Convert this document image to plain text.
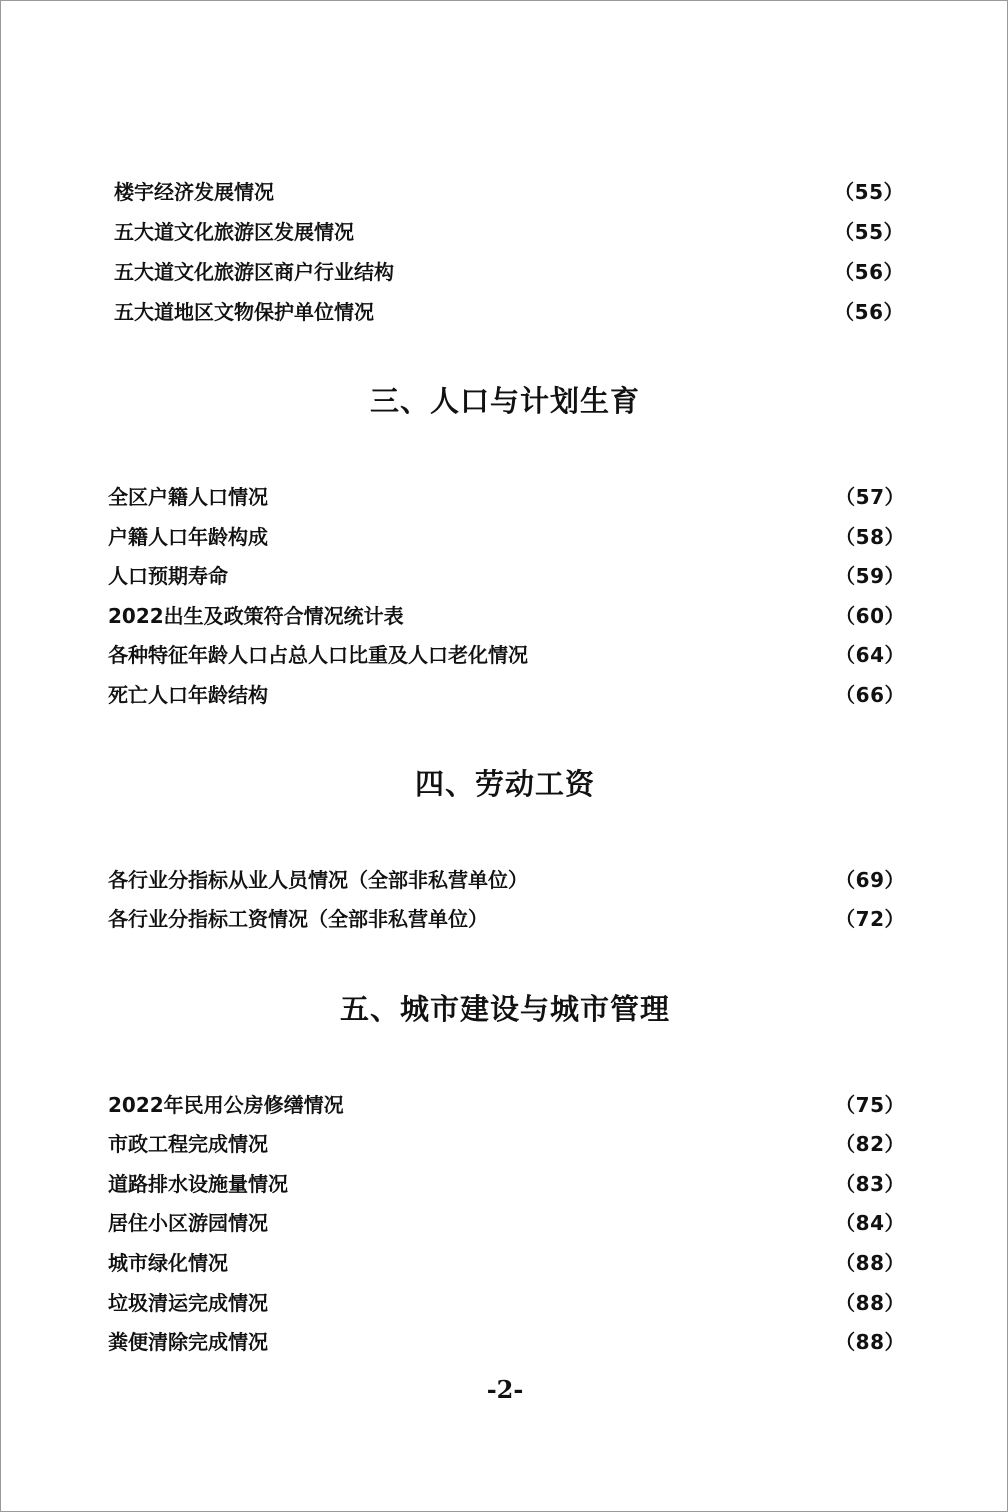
楼宇经济发展情况	（55）
五大道文化旅游区发展情况	（55）
五大道文化旅游区商户行业结构	（56）
五大道地区文物保护单位情况	（56）
三、人口与计划生育
全区户籍人口情况	（57）
户籍人口年龄构成	（58）
人口预期寿命	（59）
2022出生及政策符合情况统计表	（60）
各种特征年龄人口占总人口比重及人口老化情况	（64）
死亡人口年龄结构	（66）
四、劳动工资
各行业分指标从业人员情况（全部非私营单位）	（69）
各行业分指标工资情况（全部非私营单位）	（72）
五、城市建设与城市管理
2022年民用公房修缮情况	（75）
市政工程完成情况	（82）
道路排水设施量情况	（83）
居住小区游园情况	（84）
城市绿化情况	（88）
垃圾清运完成情况	（88）
粪便清除完成情况	（88）
-2-
